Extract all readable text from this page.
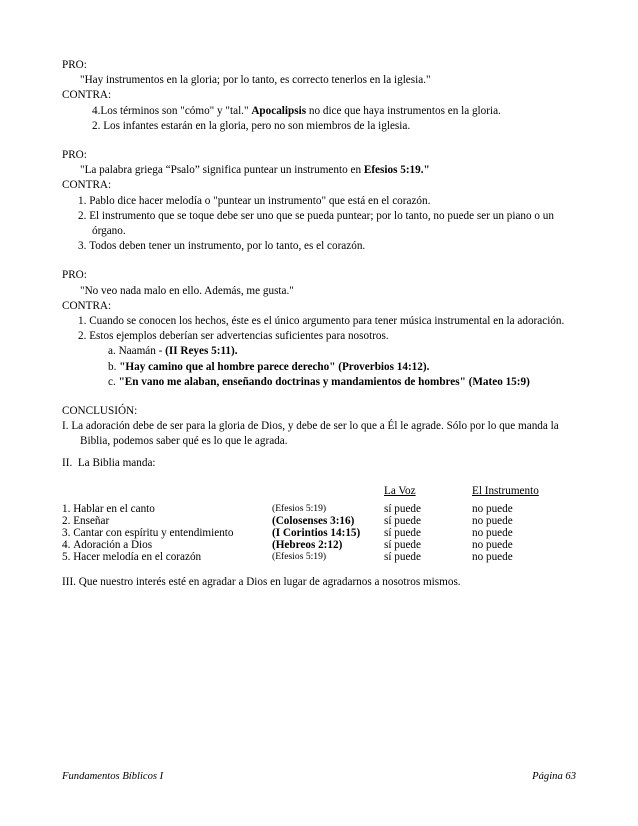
PRO:
"Hay instrumentos en la gloria; por lo tanto, es correcto tenerlos en la iglesia."
CONTRA:
4.Los términos son "cómo" y "tal." Apocalipsis no dice que haya instrumentos en la gloria.
2. Los infantes estarán en la gloria, pero no son miembros de la iglesia.
PRO:
"La palabra griega “Psalo” significa puntear un instrumento en Efesios 5:19."
CONTRA:
1. Pablo dice hacer melodía o "puntear un instrumento" que está en el corazón.
2. El instrumento que se toque debe ser uno que se pueda puntear; por lo tanto, no puede ser un piano o un órgano.
3. Todos deben tener un instrumento, por lo tanto, es el corazón.
PRO:
"No veo nada malo en ello. Además, me gusta."
CONTRA:
1. Cuando se conocen los hechos, éste es el único argumento para tener música instrumental en la adoración.
2. Estos ejemplos deberían ser advertencias suficientes para nosotros.
a. Naamán - (II Reyes 5:11).
b. "Hay camino que al hombre parece derecho" (Proverbios 14:12).
c. "En vano me alaban, enseñando doctrinas y mandamientos de hombres" (Mateo 15:9)
CONCLUSIÓN:
I. La adoración debe de ser para la gloria de Dios, y debe de ser lo que a Él le agrade. Sólo por lo que manda la Biblia, podemos saber qué es lo que le agrada.
II. La Biblia manda:
		La Voz	El Instrumento
1. Hablar en el canto	(Efesios 5:19)	sí puede	no puede
2. Enseñar	(Colosenses 3:16)	sí puede	no puede
3. Cantar con espíritu y entendimiento	(I Corintios 14:15)	sí puede	no puede
4. Adoración a Dios	(Hebreos 2:12)	sí puede	no puede
5. Hacer melodía en el corazón	(Efesios 5:19)	sí puede	no puede
III. Que nuestro interés esté en agradar a Dios en lugar de agradarnos a nosotros mismos.
Fundamentos Bíblicos I	Página 63
